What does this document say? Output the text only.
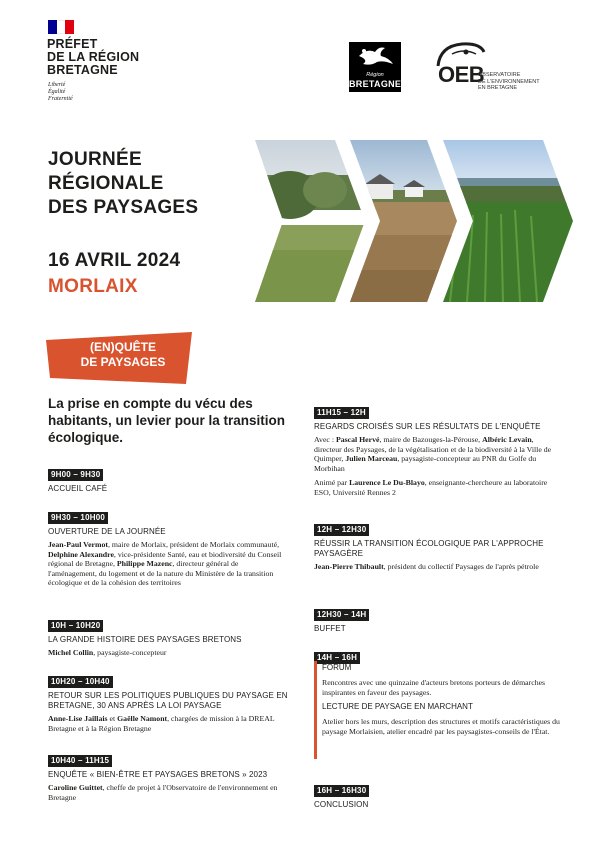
PRÉFET
DE LA RÉGION
BRETAGNE
Liberté
Égalité
Fraternité
Région
BRETAGNE OEB
OBSERVATOIRE
DE L'ENVIRONNEMENT
EN BRETAGNE
JOURNÉE
RÉGIONALE
DES PAYSAGES
16 AVRIL 2024
MORLAIX
(EN)QUÊTE
DE PAYSAGES
La prise en compte du vécu des habitants, un levier pour la transition écologique.
9H00 – 9H30
ACCUEIL CAFÉ
9H30 – 10H00
OUVERTURE DE LA JOURNÉE
Jean-Paul Vermot, maire de Morlaix, président de Morlaix communauté, Delphine Alexandre, vice-présidente Santé, eau et biodiversité du Conseil régional de Bretagne, Philippe Mazenc, directeur général de l'aménagement, du logement et de la nature du Ministère de la transition écologique et de la cohésion des territoires
10H – 10H20
LA GRANDE HISTOIRE DES PAYSAGES BRETONS
Michel Collin, paysagiste-concepteur
10H20 – 10H40
RETOUR SUR LES POLITIQUES PUBLIQUES DU PAYSAGE EN BRETAGNE, 30 ANS APRÈS LA LOI PAYSAGE
Anne-Lise Jaillais et Gaëlle Namont, chargées de mission à la DREAL Bretagne et à la Région Bretagne
10H40 – 11H15
ENQUÊTE « BIEN-ÊTRE ET PAYSAGES BRETONS » 2023
Caroline Guittet, cheffe de projet à l'Observatoire de l'environnement en Bretagne
11H15 – 12H
REGARDS CROISÉS SUR LES RÉSULTATS DE L'ENQUÊTE
Avec : Pascal Hervé, maire de Bazouges-la-Pérouse, Albéric Levain, directeur des Paysages, de la végétalisation et de la biodiversité à la Ville de Quimper, Julien Marceau, paysagiste-concepteur au PNR du Golfe du Morbihan
Animé par Laurence Le Du-Blayo, enseignante-chercheure au laboratoire ESO, Université Rennes 2
12H – 12H30
RÉUSSIR LA TRANSITION ÉCOLOGIQUE PAR L'APPROCHE PAYSAGÈRE
Jean-Pierre Thibault, président du collectif Paysages de l'après pétrole
12H30 – 14H
BUFFET
14H – 16H
16H – 16H30
CONCLUSION
FORUM
Rencontres avec une quinzaine d'acteurs bretons porteurs de démarches inspirantes en faveur des paysages.
LECTURE DE PAYSAGE EN MARCHANT
Atelier hors les murs, description des structures et motifs caractéristiques du paysage Morlaisien, atelier encadré par les paysagistes-conseils de l'État.
